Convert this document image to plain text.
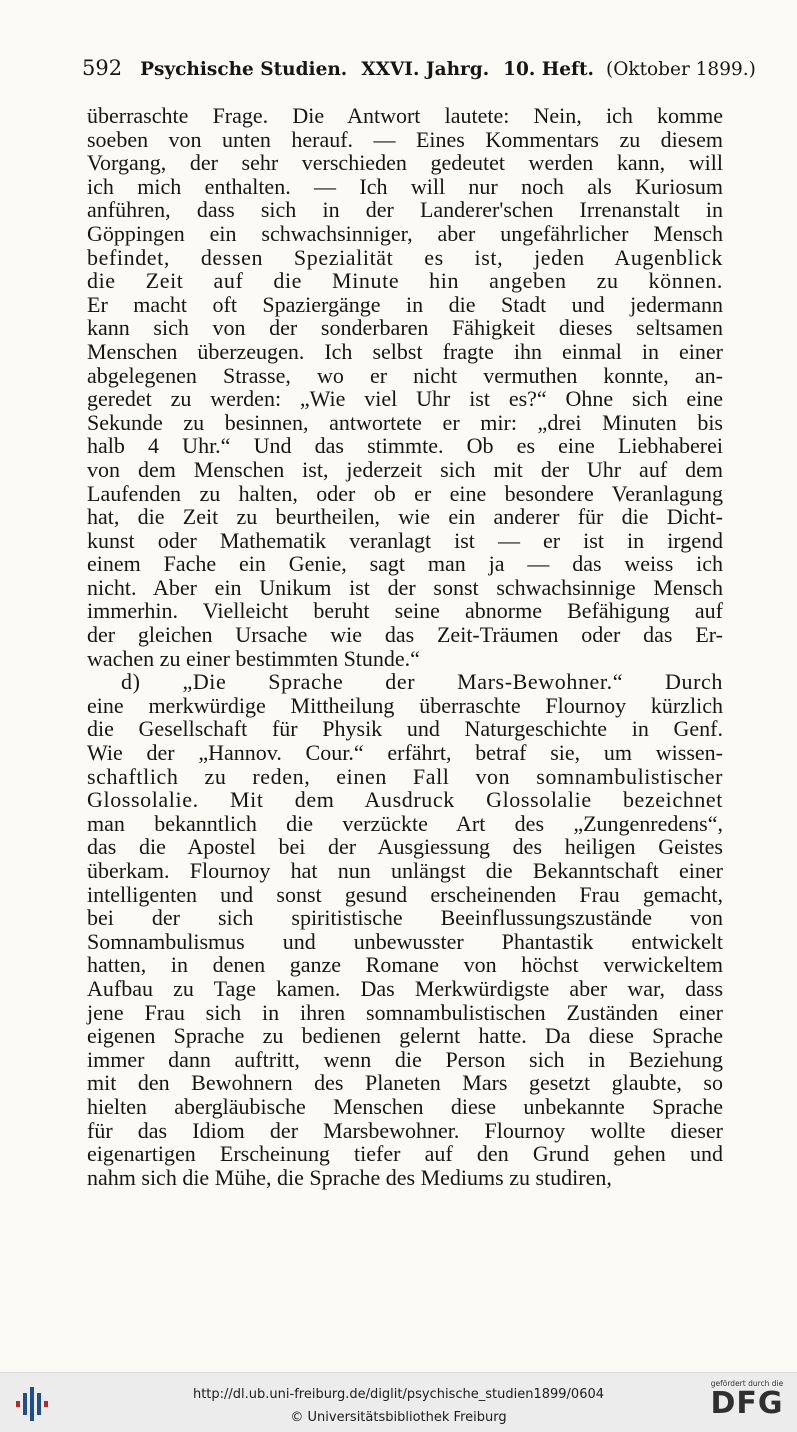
592 Psychische Studien. XXVI. Jahrg. 10. Heft. (Oktober 1899.)
überraschte Frage. Die Antwort lautete: Nein, ich komme
soeben von unten herauf. — Eines Kommentars zu diesem
Vorgang, der sehr verschieden gedeutet werden kann, will
ich mich enthalten. — Ich will nur noch als Kuriosum
anführen, dass sich in der Landerer'schen Irrenanstalt in
Göppingen ein schwachsinniger, aber ungefährlicher Mensch
befindet, dessen Spezialität es ist, jeden Augenblick
die Zeit auf die Minute hin angeben zu können.
Er macht oft Spaziergänge in die Stadt und jedermann
kann sich von der sonderbaren Fähigkeit dieses seltsamen
Menschen überzeugen. Ich selbst fragte ihn einmal in einer
abgelegenen Strasse, wo er nicht vermuthen konnte, an-
geredet zu werden: „Wie viel Uhr ist es?“ Ohne sich eine
Sekunde zu besinnen, antwortete er mir: „drei Minuten bis
halb 4 Uhr.“ Und das stimmte. Ob es eine Liebhaberei
von dem Menschen ist, jederzeit sich mit der Uhr auf dem
Laufenden zu halten, oder ob er eine besondere Veranlagung
hat, die Zeit zu beurtheilen, wie ein anderer für die Dicht-
kunst oder Mathematik veranlagt ist — er ist in irgend
einem Fache ein Genie, sagt man ja — das weiss ich
nicht. Aber ein Unikum ist der sonst schwachsinnige Mensch
immerhin. Vielleicht beruht seine abnorme Befähigung auf
der gleichen Ursache wie das Zeit-Träumen oder das Er-
wachen zu einer bestimmten Stunde.“
d) „Die Sprache der Mars-Bewohner.“ Durch
eine merkwürdige Mittheilung überraschte Flournoy kürzlich
die Gesellschaft für Physik und Naturgeschichte in Genf.
Wie der „Hannov. Cour.“ erfährt, betraf sie, um wissen-
schaftlich zu reden, einen Fall von somnambulistischer
Glossolalie. Mit dem Ausdruck Glossolalie bezeichnet
man bekanntlich die verzückte Art des „Zungenredens“,
das die Apostel bei der Ausgiessung des heiligen Geistes
überkam. Flournoy hat nun unlängst die Bekanntschaft einer
intelligenten und sonst gesund erscheinenden Frau gemacht,
bei der sich spiritistische Beeinflussungszustände von
Somnambulismus und unbewusster Phantastik entwickelt
hatten, in denen ganze Romane von höchst verwickeltem
Aufbau zu Tage kamen. Das Merkwürdigste aber war, dass
jene Frau sich in ihren somnambulistischen Zuständen einer
eigenen Sprache zu bedienen gelernt hatte. Da diese Sprache
immer dann auftritt, wenn die Person sich in Beziehung
mit den Bewohnern des Planeten Mars gesetzt glaubte, so
hielten abergläubische Menschen diese unbekannte Sprache
für das Idiom der Marsbewohner. Flournoy wollte dieser
eigenartigen Erscheinung tiefer auf den Grund gehen und
nahm sich die Mühe, die Sprache des Mediums zu studiren,
http://dl.ub.uni-freiburg.de/diglit/psychische_studien1899/0604
© Universitätsbibliothek Freiburg
gefördert durch die
DFG
